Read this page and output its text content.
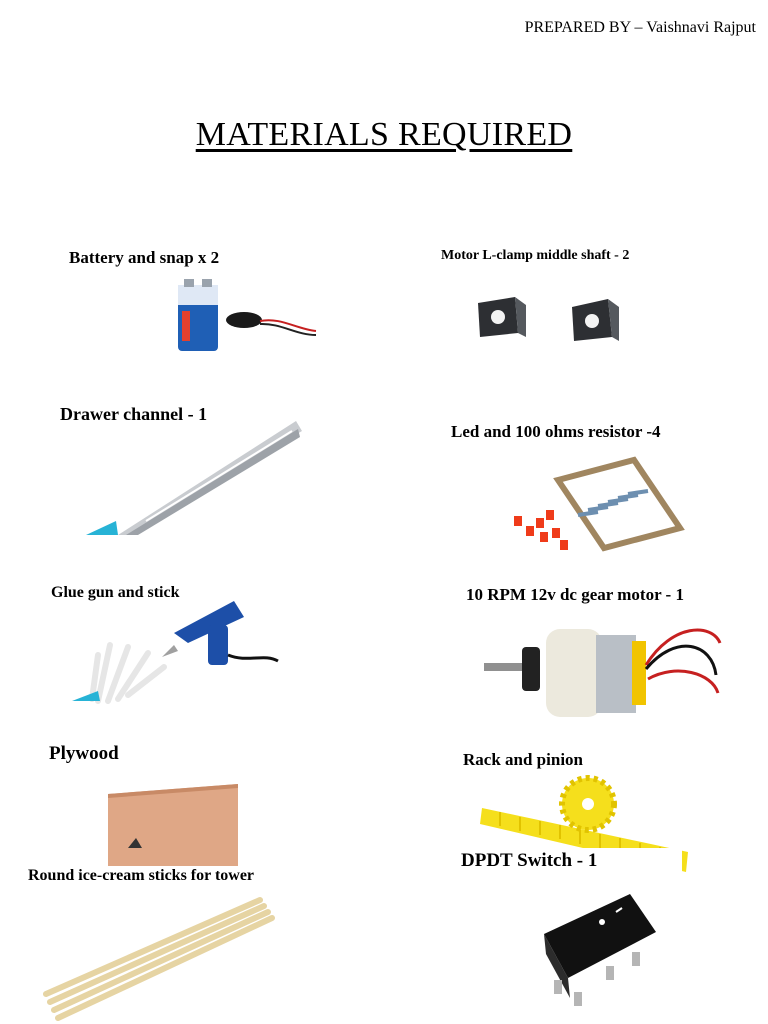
PREPARED BY – Vaishnavi Rajput
MATERIALS REQUIRED
Battery and snap x 2	Motor L-clamp middle shaft - 2
Drawer channel - 1
Led and 100 ohms resistor -4
Glue gun and stick	10 RPM 12v dc gear motor - 1
Plywood	Rack and pinion
Round ice-cream sticks for tower
DPDT Switch - 1
